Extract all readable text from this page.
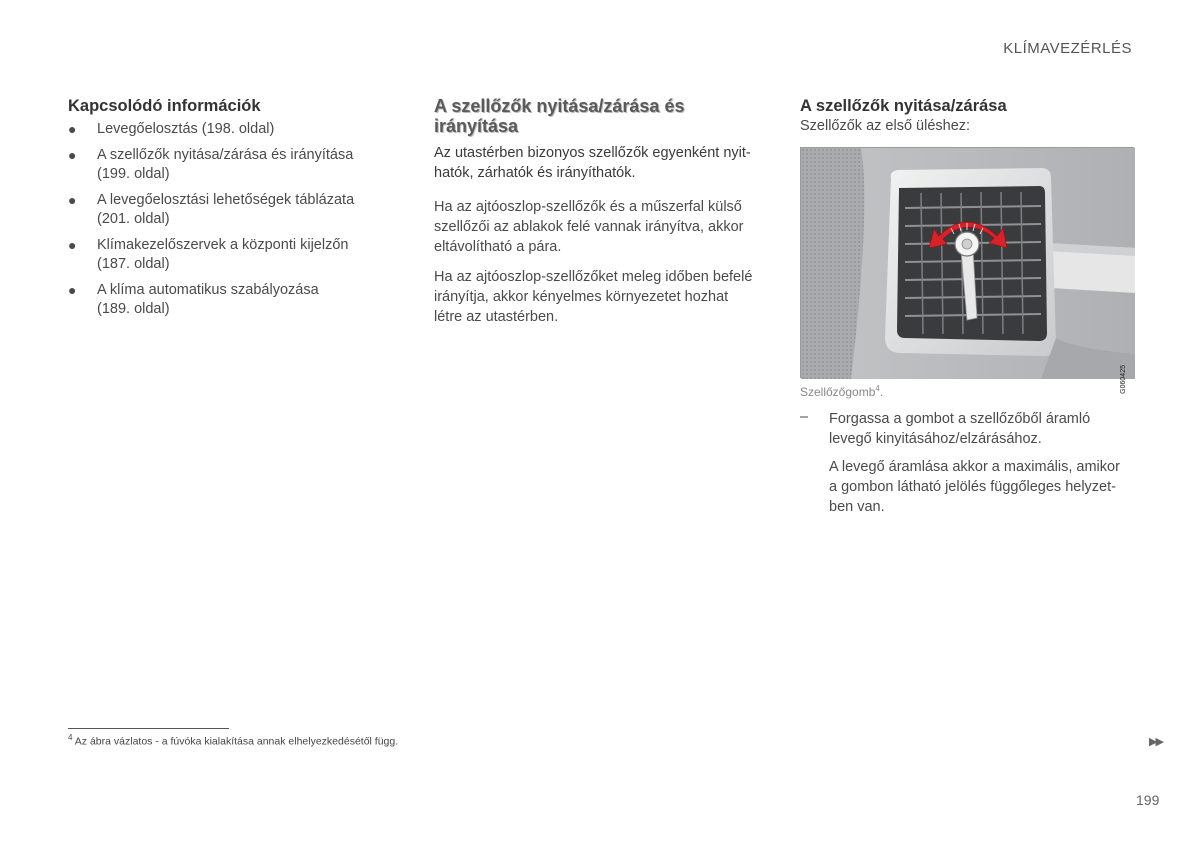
KLÍMAVEZÉRLÉS
Kapcsolódó információk
● Levegőelosztás (198. oldal)
● A szellőzők nyitása/zárása és irányítása
(199. oldal)
● A levegőelosztási lehetőségek táblázata
(201. oldal)
● Klímakezelőszervek a központi kijelzőn
(187. oldal)
● A klíma automatikus szabályozása
(189. oldal)
A szellőzők nyitása/zárása és
irányítása

Az utastérben bizonyos szellőzők egyenként nyit-
hatók, zárhatók és irányíthatók.

Ha az ajtóoszlop-szellőzők és a műszerfal külső
szellőzői az ablakok felé vannak irányítva, akkor
eltávolítható a pára.

Ha az ajtóoszlop-szellőzőket meleg időben befelé
irányítja, akkor kényelmes környezetet hozhat
létre az utastérben.

A szellőzők nyitása/zárása

Szellőzők az első üléshez:

G060425
Szellőzőgomb$^4$.
– Forgassa a gombot a szellőzőből áramló
levegő kinyitásához/elzárásához.

A levegő áramlása akkor a maximális, amikor
a gombon látható jelölés függőleges helyzet-
ben van.

$^4$ Az ábra vázlatos - a fúvóka kialakítása annak elhelyezkedésétől függ.	▶▶
199
